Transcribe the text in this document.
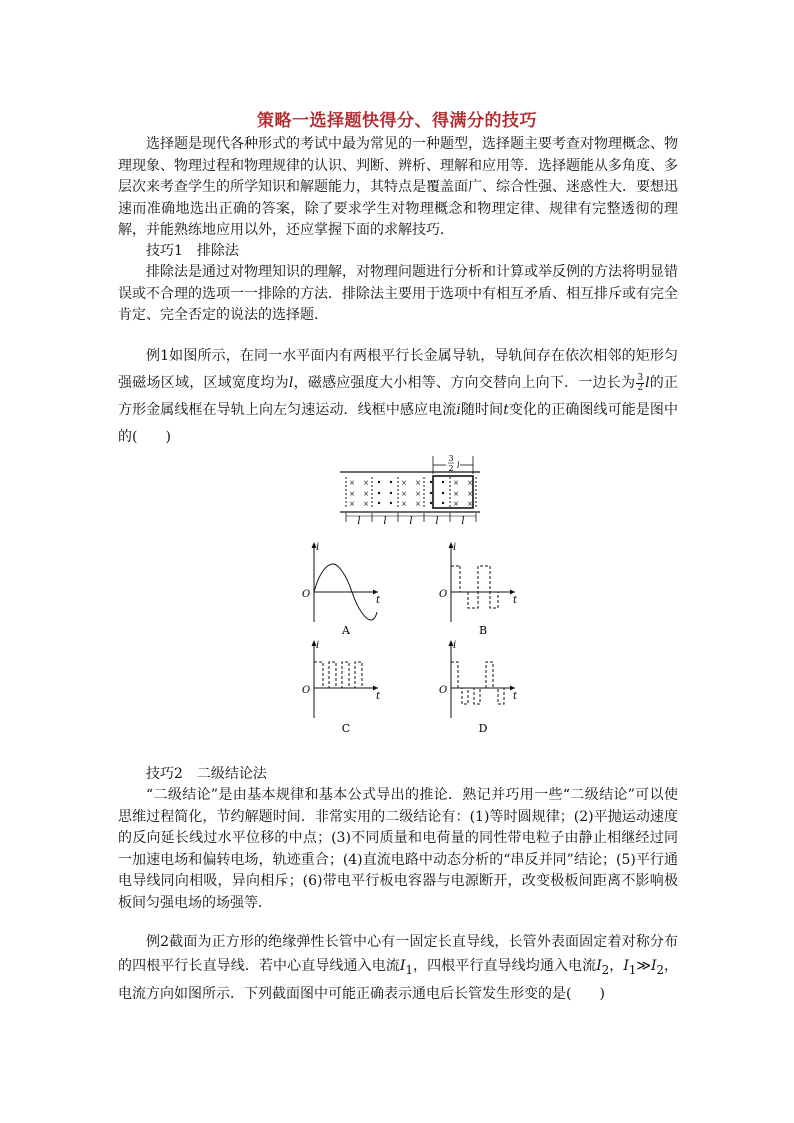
策略一选择题快得分、得满分的技巧
选择题是现代各种形式的考试中最为常见的一种题型，选择题主要考查对物理概念、物理现象、物理过程和物理规律的认识、判断、辨析、理解和应用等．选择题能从多角度、多层次来考查学生的所学知识和解题能力，其特点是覆盖面广、综合性强、迷惑性大．要想迅速而准确地选出正确的答案，除了要求学生对物理概念和物理定律、规律有完整透彻的理解，并能熟练地应用以外，还应掌握下面的求解技巧．
技巧1　排除法
排除法是通过对物理知识的理解，对物理问题进行分析和计算或举反例的方法将明显错误或不合理的选项一一排除的方法．排除法主要用于选项中有相互矛盾、相互排斥或有完全肯定、完全否定的说法的选择题．
例1如图所示，在同一水平面内有两根平行长金属导轨，导轨间存在依次相邻的矩形匀强磁场区域，区域宽度均为l，磁感应强度大小相等、方向交替向上向下．一边长为 $\frac{3}{2}$ l的正方形金属线框在导轨上向左匀速运动．线框中感应电流i随时间t变化的正确图线可能是图中的(　　)
× ×
× ×
× ×
× ×
× ×
× ×
× ×
× ×
× ×
3
2 l
l l l l l
i
t
O
A
i
t
O
B
i
t
O
C
i
t
O
D
技巧2　二级结论法
“二级结论”是由基本规律和基本公式导出的推论．熟记并巧用一些“二级结论”可以使思维过程简化，节约解题时间．非常实用的二级结论有：(1)等时圆规律；(2)平抛运动速度的反向延长线过水平位移的中点；(3)不同质量和电荷量的同性带电粒子由静止相继经过同一加速电场和偏转电场，轨迹重合；(4)直流电路中动态分析的“串反并同”结论；(5)平行通电导线同向相吸，异向相斥；(6)带电平行板电容器与电源断开，改变极板间距离不影响极板间匀强电场的场强等．
例2截面为正方形的绝缘弹性长管中心有一固定长直导线，长管外表面固定着对称分布的四根平行长直导线．若中心直导线通入电流$I_1$，四根平行直导线均通入电流$I_2$，$I_1≫I_2$，电流方向如图所示．下列截面图中可能正确表示通电后长管发生形变的是(　　)
